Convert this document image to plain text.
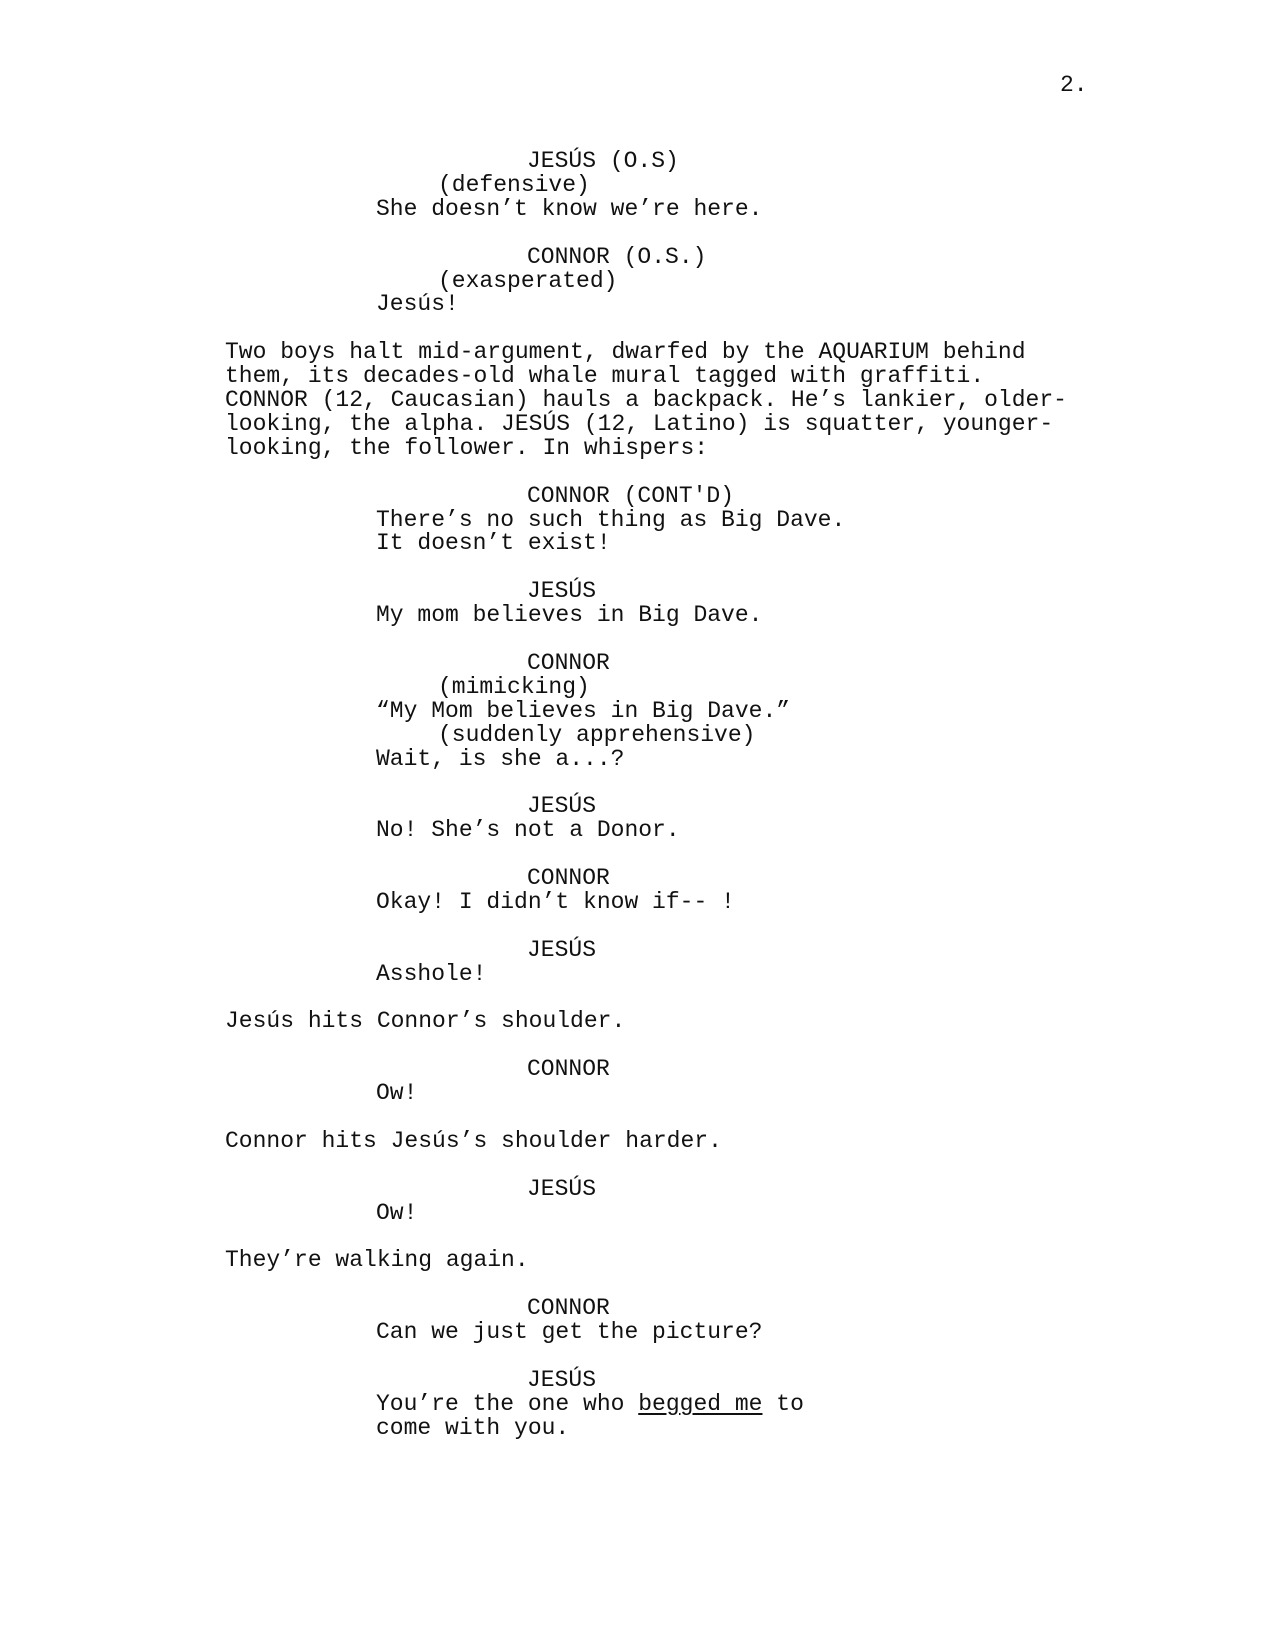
2.
JESÚS (O.S)
(defensive)
She doesn’t know we’re here.
CONNOR (O.S.)
(exasperated)
Jesús!
Two boys halt mid-argument, dwarfed by the AQUARIUM behind
them, its decades-old whale mural tagged with graffiti.
CONNOR (12, Caucasian) hauls a backpack. He’s lankier, older-
looking, the alpha. JESÚS (12, Latino) is squatter, younger-
looking, the follower. In whispers:
CONNOR (CONT'D)
There’s no such thing as Big Dave.
It doesn’t exist!
JESÚS
My mom believes in Big Dave.
CONNOR
(mimicking)
“My Mom believes in Big Dave.”
(suddenly apprehensive)
Wait, is she a...?
JESÚS
No! She’s not a Donor.
CONNOR
Okay! I didn’t know if-- !
JESÚS
Asshole!
Jesús hits Connor’s shoulder.
CONNOR
Ow!
Connor hits Jesús’s shoulder harder.
JESÚS
Ow!
They’re walking again.
CONNOR
Can we just get the picture?
JESÚS
You’re the one who begged me to
come with you.
